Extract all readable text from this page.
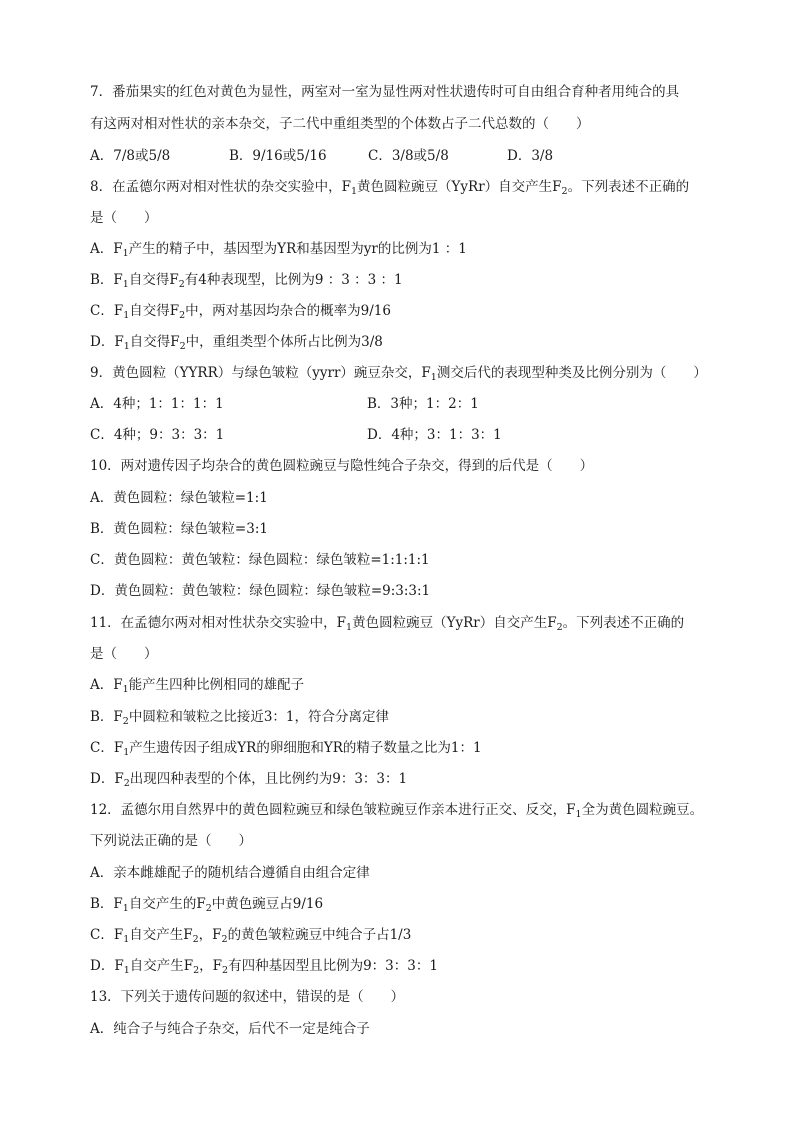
7．番茄果实的红色对黄色为显性，两室对一室为显性两对性状遗传时可自由组合育种者用纯合的具
有这两对相对性状的亲本杂交，子二代中重组类型的个体数占子二代总数的（　　）
A．7/8或5/8	B．9/16或5/16	C．3/8或5/8	D．3/8
8．在孟德尔两对相对性状的杂交实验中，$F_1$黄色圆粒豌豆（YyRr）自交产生$F_2$。下列表述不正确的
是（　　）
A．$F_1$产生的精子中，基因型为YR和基因型为yr的比例为1 ：1
B．$F_1$自交得$F_2$有4种表现型，比例为9 ：3 ：3 ：1
C．$F_1$自交得$F_2$中，两对基因均杂合的概率为9/16
D．$F_1$自交得$F_2$中，重组类型个体所占比例为3/8
9．黄色圆粒（YYRR）与绿色皱粒（yyrr）豌豆杂交，$F_1$测交后代的表现型种类及比例分别为（　　）
A．4种；1：1：1：1	B．3种；1：2：1
C．4种；9：3：3：1	D．4种；3：1：3：1
10．两对遗传因子均杂合的黄色圆粒豌豆与隐性纯合子杂交，得到的后代是（　　）
A．黄色圆粒：绿色皱粒=1:1
B．黄色圆粒：绿色皱粒=3:1
C．黄色圆粒：黄色皱粒：绿色圆粒：绿色皱粒=1:1:1:1
D．黄色圆粒：黄色皱粒：绿色圆粒：绿色皱粒=9:3:3:1
11．在孟德尔两对相对性状杂交实验中，$F_1$黄色圆粒豌豆（YyRr）自交产生$F_2$。下列表述不正确的
是（　　）
A．$F_1$能产生四种比例相同的雄配子
B．$F_2$中圆粒和皱粒之比接近3：1，符合分离定律
C．$F_1$产生遗传因子组成YR的卵细胞和YR的精子数量之比为1：1
D．$F_2$出现四种表型的个体，且比例约为9：3：3：1
12．孟德尔用自然界中的黄色圆粒豌豆和绿色皱粒豌豆作亲本进行正交、反交，$F_1$全为黄色圆粒豌豆。
下列说法正确的是（　　）
A．亲本雌雄配子的随机结合遵循自由组合定律
B．$F_1$自交产生的$F_2$中黄色豌豆占9/16
C．$F_1$自交产生$F_2$，$F_2$的黄色皱粒豌豆中纯合子占1/3
D．$F_1$自交产生$F_2$，$F_2$有四种基因型且比例为9：3：3：1
13．下列关于遗传问题的叙述中，错误的是（　　）
A．纯合子与纯合子杂交，后代不一定是纯合子
